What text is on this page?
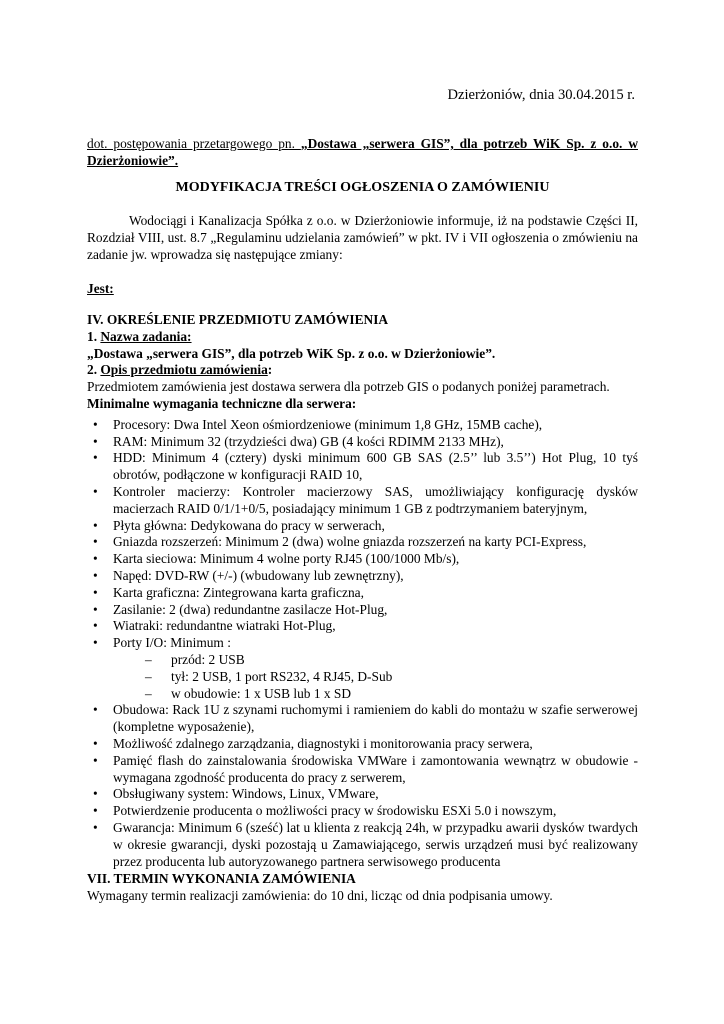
Dzierżoniów, dnia 30.04.2015 r.
dot. postępowania przetargowego pn. „Dostawa „serwera GIS”, dla potrzeb WiK Sp. z o.o. w Dzierżoniowie”.
MODYFIKACJA TREŚCI OGŁOSZENIA O ZAMÓWIENIU
Wodociągi i Kanalizacja Spółka z o.o. w Dzierżoniowie informuje, iż na podstawie Części II, Rozdział VIII, ust. 8.7 „Regulaminu udzielania zamówień” w pkt. IV i VII ogłoszenia o zmówieniu na zadanie jw. wprowadza się następujące zmiany:
Jest:
IV. OKREŚLENIE PRZEDMIOTU ZAMÓWIENIA
1. Nazwa zadania:
„Dostawa „serwera GIS”, dla potrzeb WiK Sp. z o.o. w Dzierżoniowie”.
2. Opis przedmiotu zamówienia:
Przedmiotem zamówienia jest dostawa serwera dla potrzeb GIS o podanych poniżej parametrach.
Minimalne wymagania techniczne dla serwera:
• Procesory: Dwa Intel Xeon ośmiordzeniowe (minimum 1,8 GHz, 15MB cache),
• RAM: Minimum 32 (trzydzieści dwa) GB (4 kości RDIMM 2133 MHz),
• HDD: Minimum 4 (cztery) dyski minimum 600 GB SAS (2.5’’ lub 3.5’’) Hot Plug, 10 tyś obrotów, podłączone w konfiguracji RAID 10,
• Kontroler macierzy: Kontroler macierzowy SAS, umożliwiający konfigurację dysków macierzach RAID 0/1/1+0/5, posiadający minimum 1 GB z podtrzymaniem bateryjnym,
• Płyta główna: Dedykowana do pracy w serwerach,
• Gniazda rozszerzeń: Minimum 2 (dwa) wolne gniazda rozszerzeń na karty PCI-Express,
• Karta sieciowa: Minimum 4 wolne porty RJ45 (100/1000 Mb/s),
• Napęd: DVD-RW (+/-) (wbudowany lub zewnętrzny),
• Karta graficzna: Zintegrowana karta graficzna,
• Zasilanie: 2 (dwa) redundantne zasilacze Hot-Plug,
• Wiatraki: redundantne wiatraki Hot-Plug,
• Porty I/O: Minimum :
– przód: 2 USB
– tył: 2 USB, 1 port RS232, 4 RJ45, D-Sub
– w obudowie: 1 x USB lub 1 x SD
• Obudowa: Rack 1U z szynami ruchomymi i ramieniem do kabli do montażu w szafie serwerowej (kompletne wyposażenie),
• Możliwość zdalnego zarządzania, diagnostyki i monitorowania pracy serwera,
• Pamięć flash do zainstalowania środowiska VMWare i zamontowania wewnątrz w obudowie - wymagana zgodność producenta do pracy z serwerem,
• Obsługiwany system: Windows, Linux, VMware,
• Potwierdzenie producenta o możliwości pracy w środowisku ESXi 5.0 i nowszym,
• Gwarancja: Minimum 6 (sześć) lat u klienta z reakcją 24h, w przypadku awarii dysków twardych w okresie gwarancji, dyski pozostają u Zamawiającego, serwis urządzeń musi być realizowany przez producenta lub autoryzowanego partnera serwisowego producenta
VII. TERMIN WYKONANIA ZAMÓWIENIA
Wymagany termin realizacji zamówienia: do 10 dni, licząc od dnia podpisania umowy.
